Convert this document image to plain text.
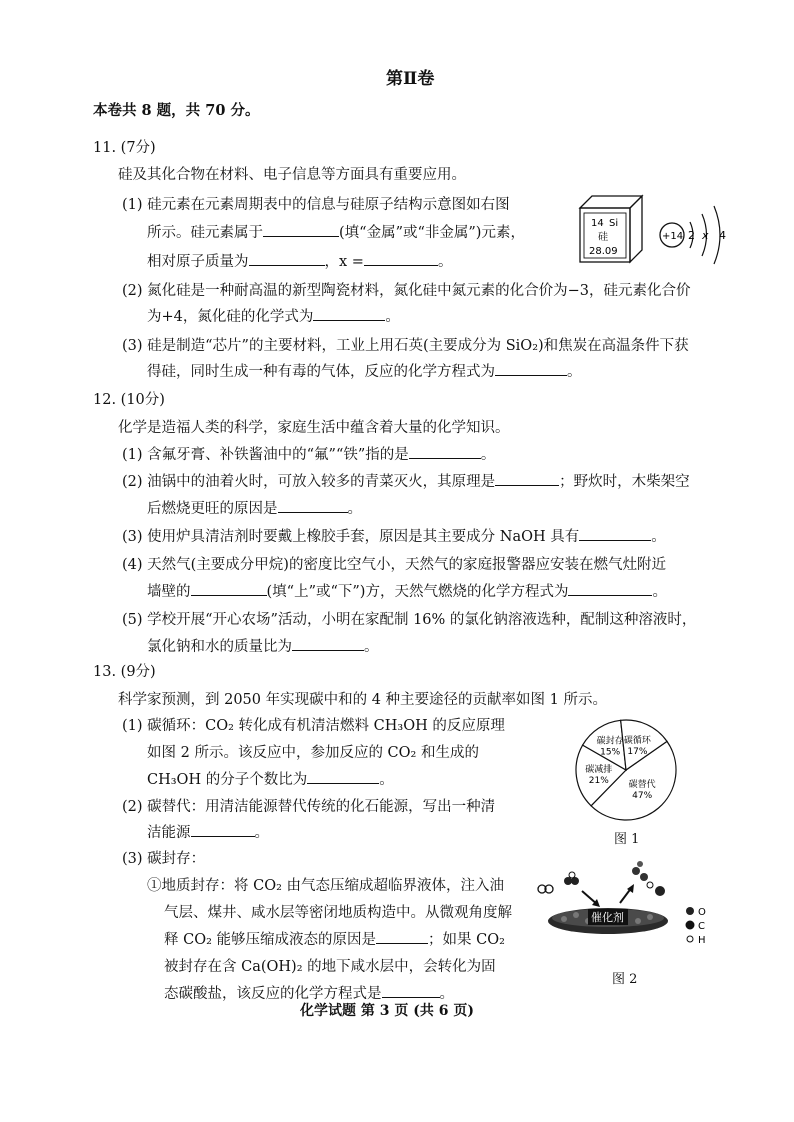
第Ⅱ卷
本卷共 8 题，共 70 分。
11. (7分)
硅及其化合物在材料、电子信息等方面具有重要应用。
(1) 硅元素在元素周期表中的信息与硅原子结构示意图如右图
所示。硅元素属于	(填“金属”或“非金属”)元素，
相对原子质量为	，x =	。
14 Si
硅
28.09
+14 2 x 4
(2) 氮化硅是一种耐高温的新型陶瓷材料，氮化硅中氮元素的化合价为−3，硅元素化合价
为+4，氮化硅的化学式为	。
(3) 硅是制造“芯片”的主要材料，工业上用石英(主要成分为 SiO₂)和焦炭在高温条件下获
得硅，同时生成一种有毒的气体，反应的化学方程式为	。
12. (10分)
化学是造福人类的科学，家庭生活中蕴含着大量的化学知识。
(1) 含氟牙膏、补铁酱油中的“氟”“铁”指的是	。
(2) 油锅中的油着火时，可放入较多的青菜灭火，其原理是	；野炊时，木柴架空
后燃烧更旺的原因是	。
(3) 使用炉具清洁剂时要戴上橡胶手套，原因是其主要成分 NaOH 具有	。
(4) 天然气(主要成分甲烷)的密度比空气小，天然气的家庭报警器应安装在燃气灶附近
墙壁的	(填“上”或“下”)方，天然气燃烧的化学方程式为	。
(5) 学校开展“开心农场”活动，小明在家配制 16% 的氯化钠溶液选种，配制这种溶液时，
氯化钠和水的质量比为	。
13. (9分)
科学家预测，到 2050 年实现碳中和的 4 种主要途径的贡献率如图 1 所示。
(1) 碳循环：CO₂ 转化成有机清洁燃料 CH₃OH 的反应原理
如图 2 所示。该反应中，参加反应的 CO₂ 和生成的
CH₃OH 的分子个数比为	。
(2) 碳替代：用清洁能源替代传统的化石能源，写出一种清
洁能源	。
(3) 碳封存：
①地质封存：将 CO₂ 由气态压缩成超临界液体，注入油
气层、煤井、咸水层等密闭地质构造中。从微观角度解
释 CO₂ 能够压缩成液态的原因是	；如果 CO₂
被封存在含 Ca(OH)₂ 的地下咸水层中，会转化为固
态碳酸盐，该反应的化学方程式是	。
碳替代
47%
碳减排
21%
碳封存
15%
碳循环
17%
图 1
催化剂	O
C
H
图 2
化学试题 第 3 页 (共 6 页)
